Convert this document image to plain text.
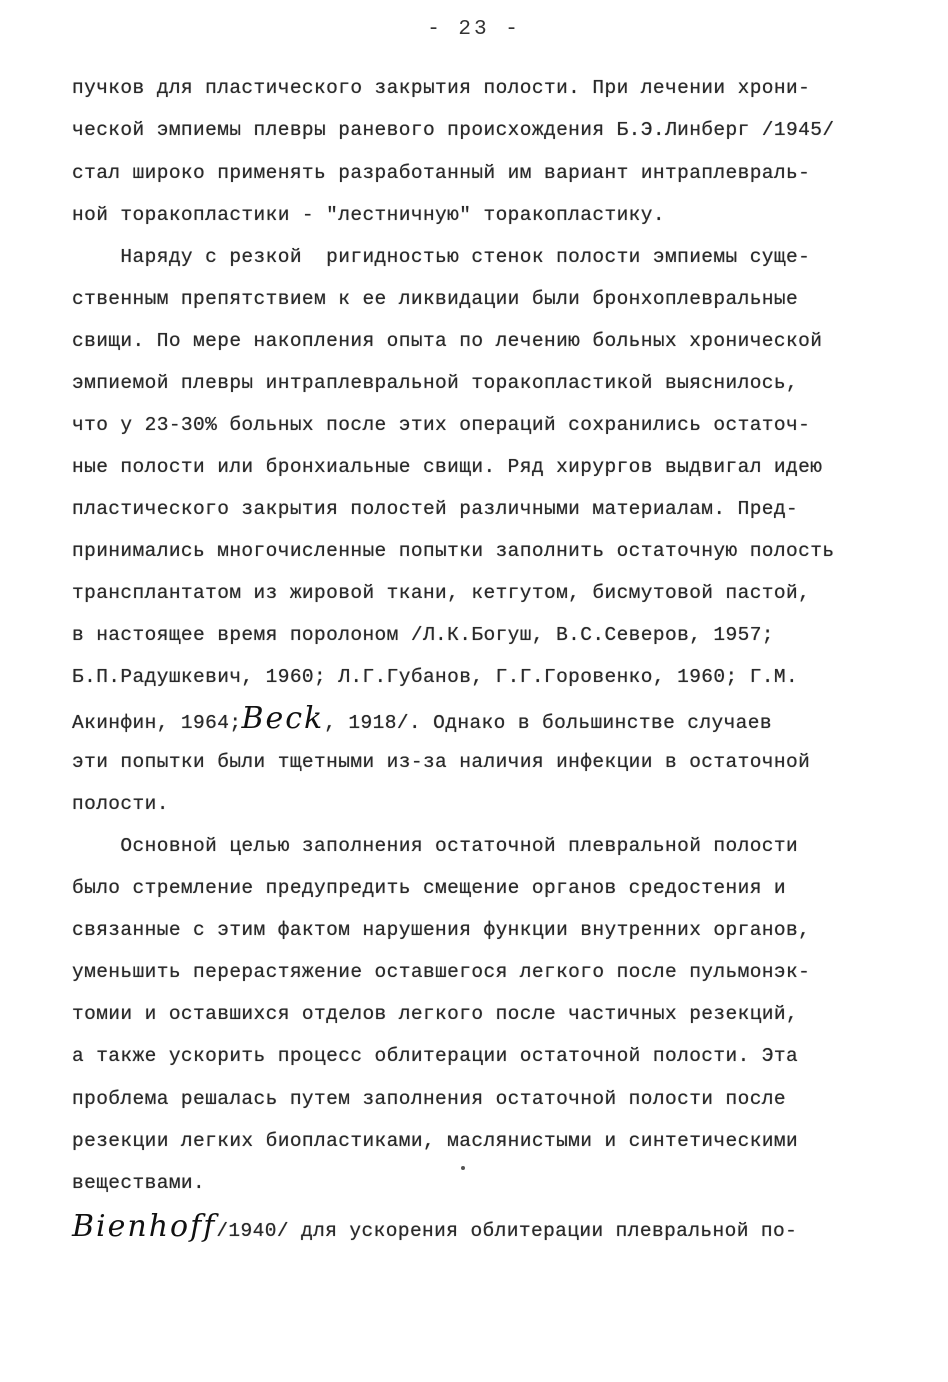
- 23 -
пучков для пластического закрытия полости. При лечении хрони-
ческой эмпиемы плевры раневого происхождения Б.Э.Линберг /1945/
стал широко применять разработанный им вариант интраплевраль-
ной торакопластики - "лестничную" торакопластику.
Наряду с резкой  ригидностью стенок полости эмпиемы суще-
ственным препятствием к ее ликвидации были бронхоплевральные
свищи. По мере накопления опыта по лечению больных хронической
эмпиемой плевры интраплевральной торакопластикой выяснилось,
что у 23-30% больных после этих операций сохранились остаточ-
ные полости или бронхиальные свищи. Ряд хирургов выдвигал идею
пластического закрытия полостей различными материалам. Пред-
принимались многочисленные попытки заполнить остаточную полость
трансплантатом из жировой ткани, кетгутом, бисмутовой пастой,
в настоящее время поролоном /Л.К.Богуш, В.С.Северов, 1957;
Б.П.Радушкевич, 1960; Л.Г.Губанов, Г.Г.Горовенко, 1960; Г.М.
Акинфин, 1964;Beck, 1918/. Однако в большинстве случаев
эти попытки были тщетными из-за наличия инфекции в остаточной
полости.
Основной целью заполнения остаточной плевральной полости
было стремление предупредить смещение органов средостения и
связанные с этим фактом нарушения функции внутренних органов,
уменьшить перерастяжение оставшегося легкого после пульмонэк-
томии и оставшихся отделов легкого после частичных резекций,
а также ускорить процесс облитерации остаточной полости. Эта
проблема решалась путем заполнения остаточной полости после
резекции легких биопластиками, маслянистыми и синтетическими
веществами.
Bienhoff/1940/ для ускорения облитерации плевральной по-
